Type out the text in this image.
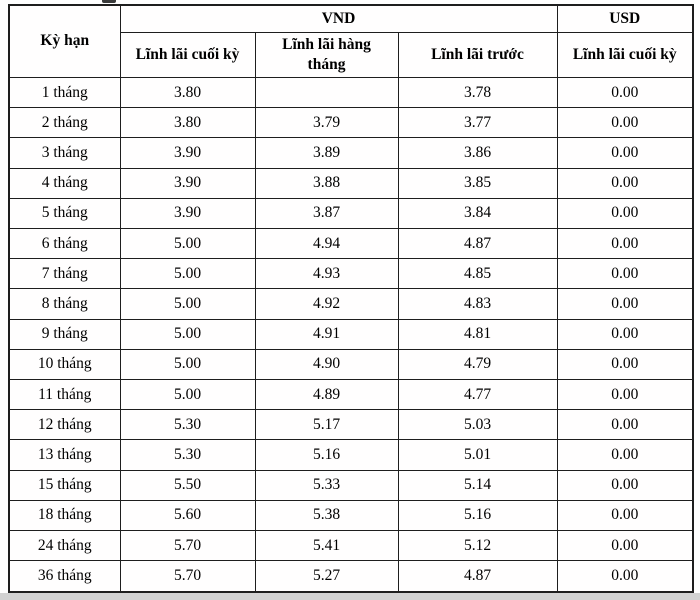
Kỳ hạn	VND			USD
	Lĩnh lãi cuối kỳ	Lĩnh lãi hàng tháng	Lĩnh lãi trước	Lĩnh lãi cuối kỳ
1 tháng	3.80		3.78	0.00
2 tháng	3.80	3.79	3.77	0.00
3 tháng	3.90	3.89	3.86	0.00
4 tháng	3.90	3.88	3.85	0.00
5 tháng	3.90	3.87	3.84	0.00
6 tháng	5.00	4.94	4.87	0.00
7 tháng	5.00	4.93	4.85	0.00
8 tháng	5.00	4.92	4.83	0.00
9 tháng	5.00	4.91	4.81	0.00
10 tháng	5.00	4.90	4.79	0.00
11 tháng	5.00	4.89	4.77	0.00
12 tháng	5.30	5.17	5.03	0.00
13 tháng	5.30	5.16	5.01	0.00
15 tháng	5.50	5.33	5.14	0.00
18 tháng	5.60	5.38	5.16	0.00
24 tháng	5.70	5.41	5.12	0.00
36 tháng	5.70	5.27	4.87	0.00
